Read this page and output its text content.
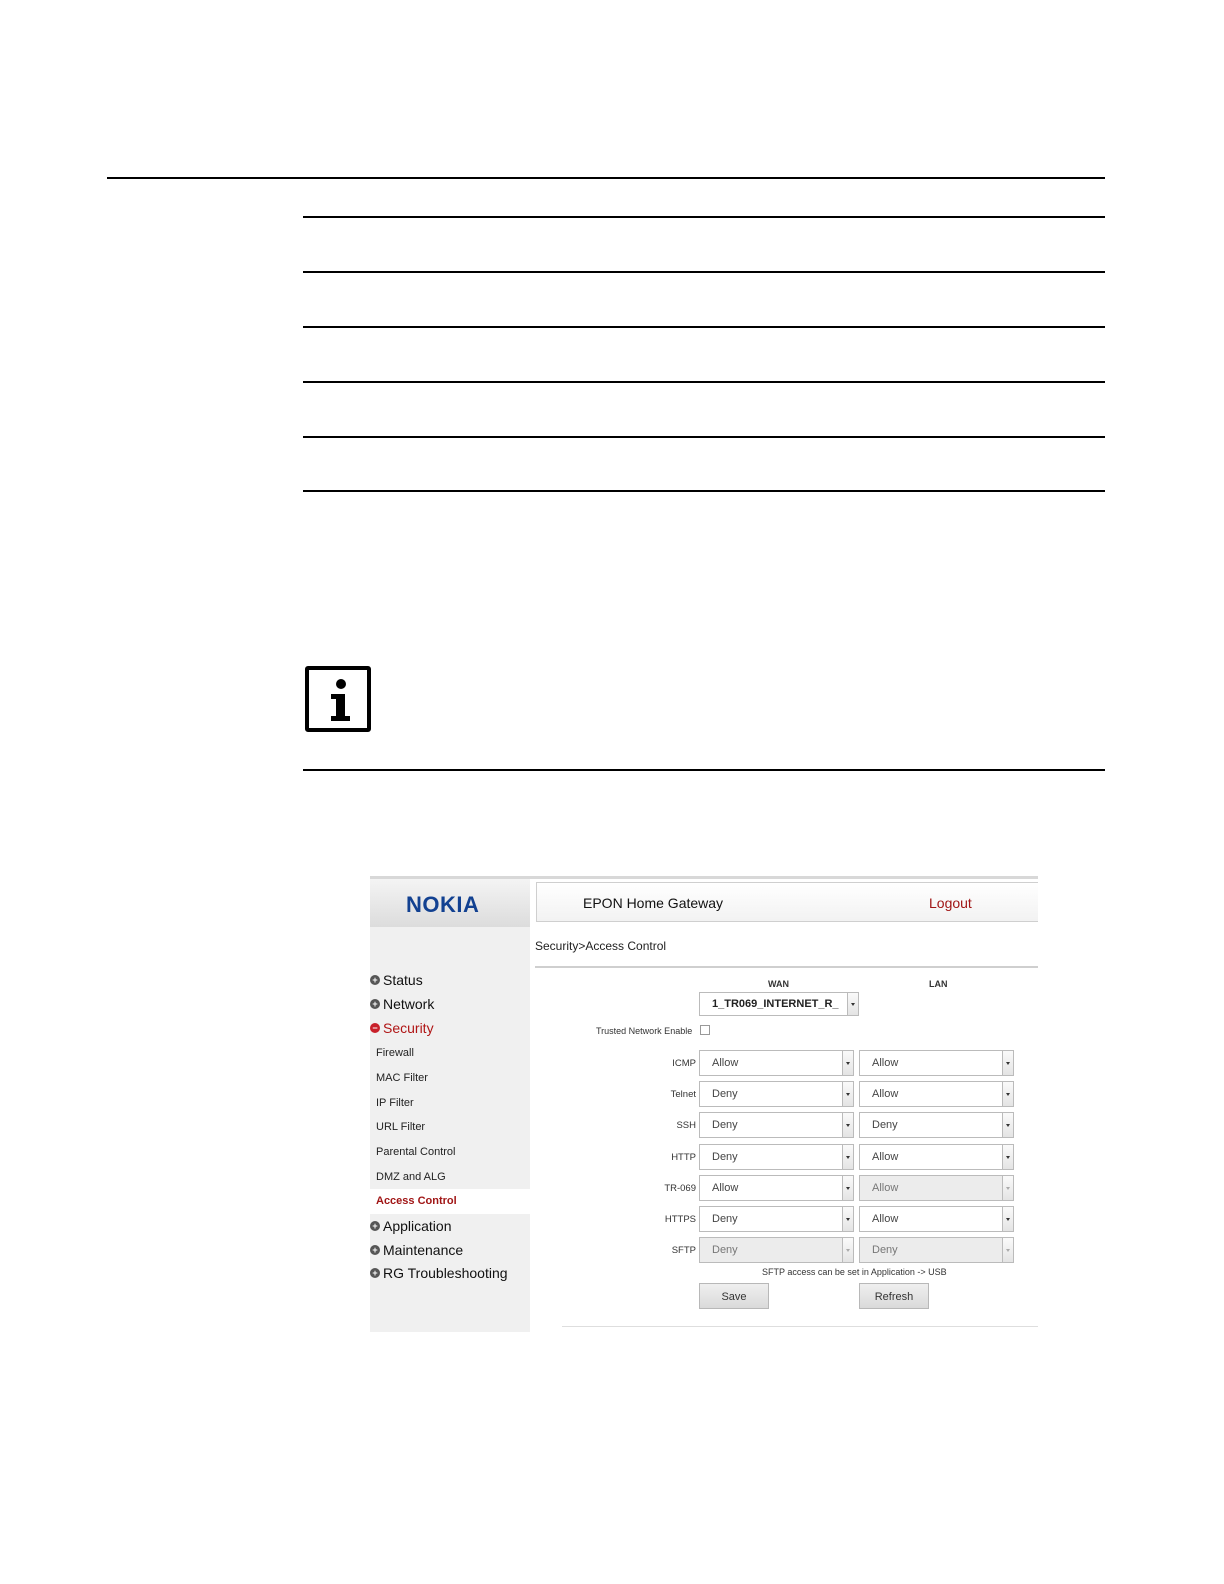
NOKIA	EPON Home Gateway	Logout
+ Status
+ Network
− Security
Firewall
MAC Filter
IP Filter
URL Filter
Parental Control
DMZ and ALG
Access Control
+ Application
+ Maintenance
+ RG Troubleshooting
Security>Access Control
WAN	LAN
1_TR069_INTERNET_R_
Trusted Network Enable
ICMP Allow	Allow
Telnet Deny	Allow
SSH Deny	Deny
HTTP Deny	Allow
TR-069 Allow	Allow
HTTPS Deny	Allow
SFTP Deny	Deny
SFTP access can be set in Application -> USB
Save	Refresh
